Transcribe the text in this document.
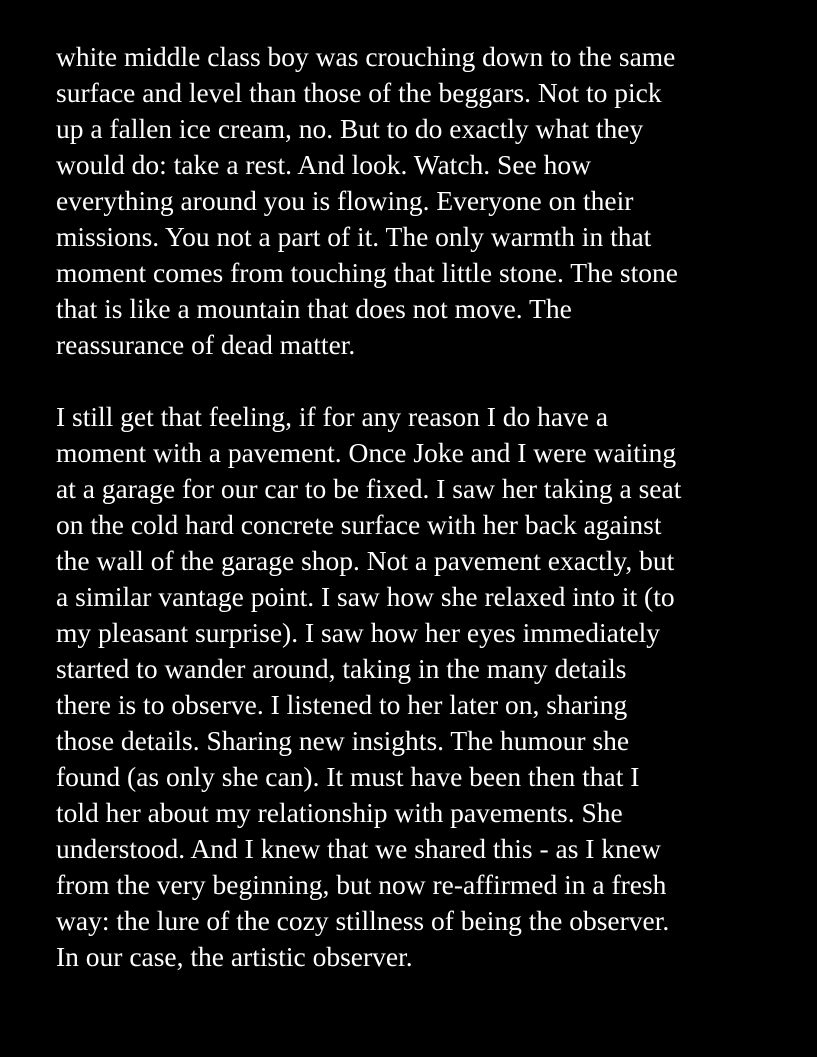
white middle class boy was crouching down to the same
surface and level than those of the beggars. Not to pick
up a fallen ice cream, no. But to do exactly what they
would do: take a rest. And look. Watch. See how
everything around you is flowing. Everyone on their
missions. You not a part of it. The only warmth in that
moment comes from touching that little stone. The stone
that is like a mountain that does not move. The
reassurance of dead matter.
I still get that feeling, if for any reason I do have a
moment with a pavement. Once Joke and I were waiting
at a garage for our car to be fixed. I saw her taking a seat
on the cold hard concrete surface with her back against
the wall of the garage shop. Not a pavement exactly, but
a similar vantage point. I saw how she relaxed into it (to
my pleasant surprise). I saw how her eyes immediately
started to wander around, taking in the many details
there is to observe. I listened to her later on, sharing
those details. Sharing new insights. The humour she
found (as only she can). It must have been then that I
told her about my relationship with pavements. She
understood. And I knew that we shared this - as I knew
from the very beginning, but now re-affirmed in a fresh
way: the lure of the cozy stillness of being the observer.
In our case, the artistic observer.
